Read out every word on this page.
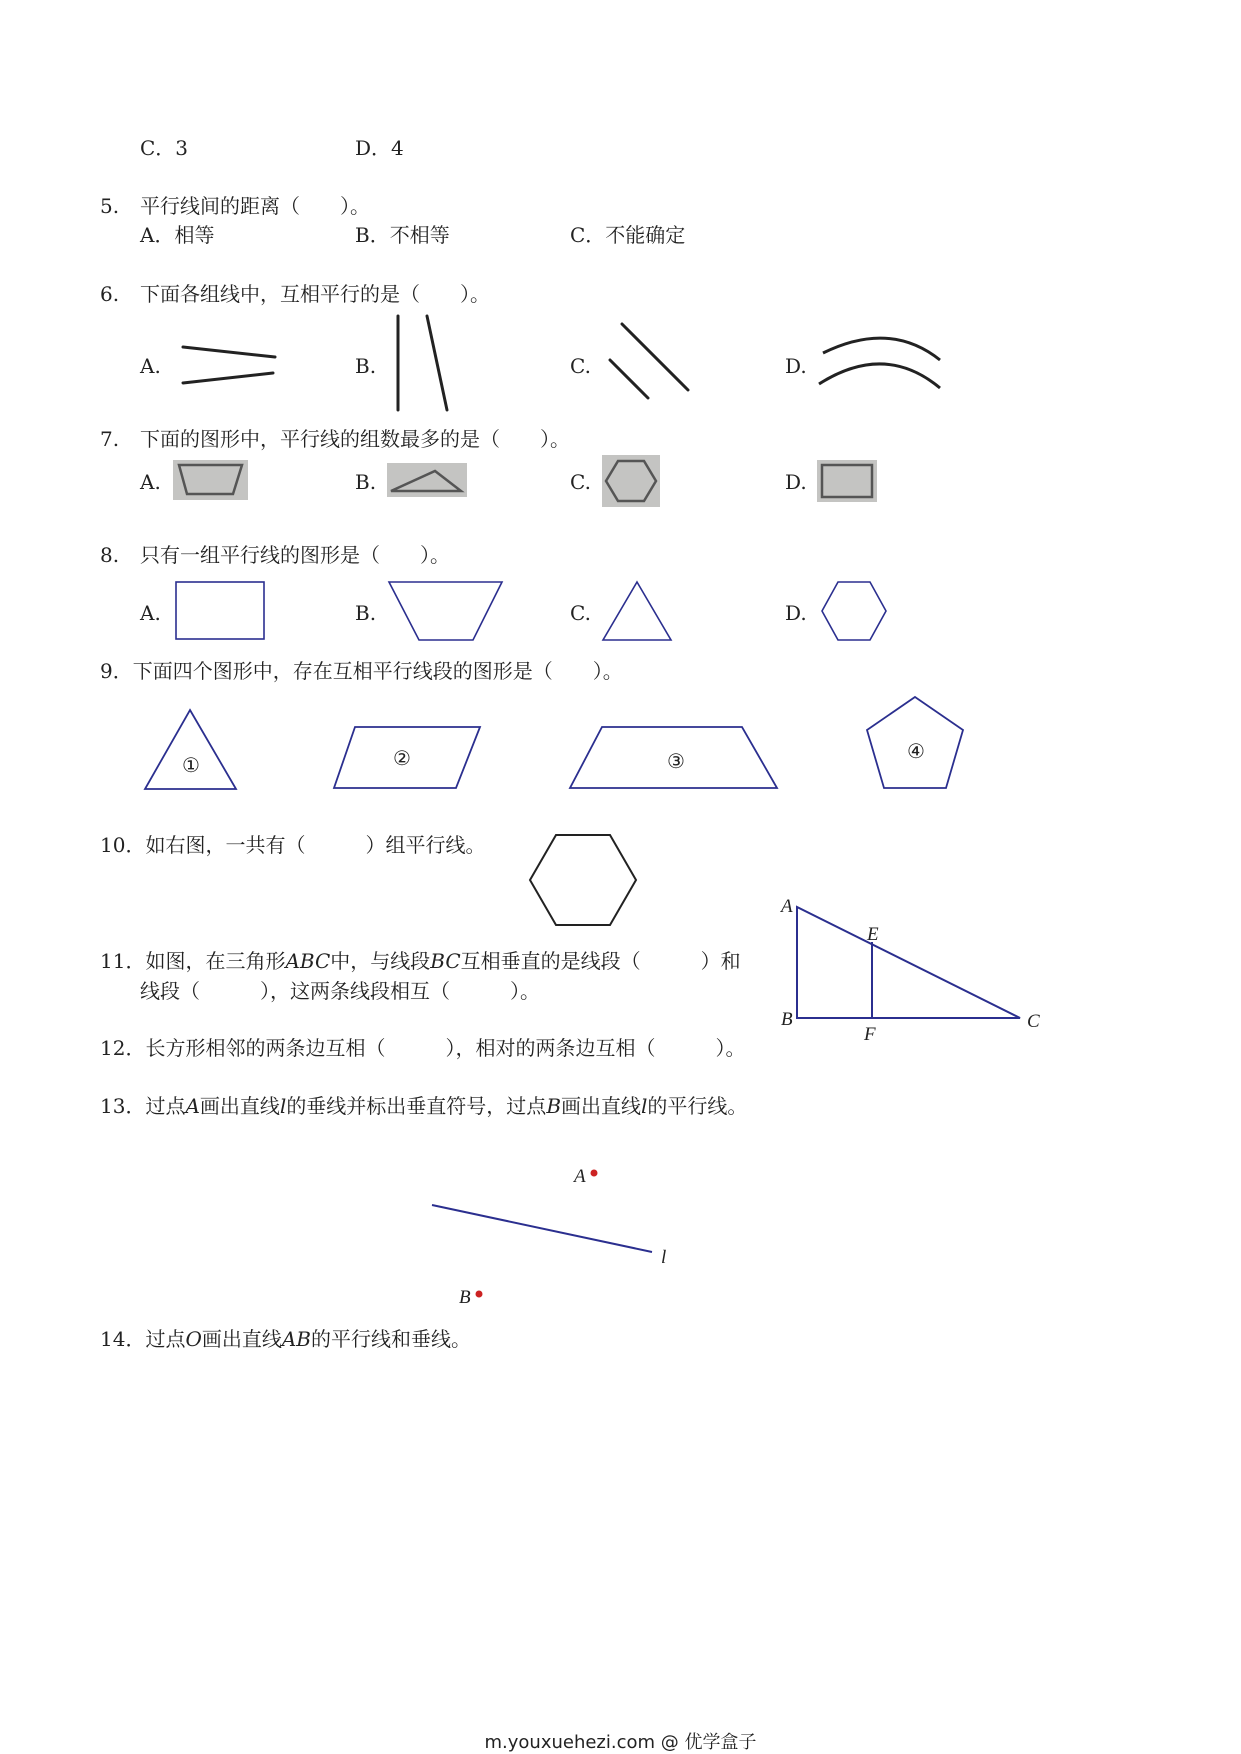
C．3	D．4
5. 平行线间的距离（　　）。
A．相等	B．不相等	C．不能确定
6. 下面各组线中，互相平行的是（　　）。
A.	B.	C.	D.
7. 下面的图形中，平行线的组数最多的是（　　）。
A.	B.	C.	D.
8. 只有一组平行线的图形是（　　）。
A.	B.	C.	D.
9．下面四个图形中，存在互相平行线段的图形是（　　）。
①	②	③	④
10．如右图，一共有（　　　）组平行线。
11．如图，在三角形ABC中，与线段BC互相垂直的是线段（　　　）和
线段（　　　），这两条线段相互（　　　）。
A
B	C
E
F
12．长方形相邻的两条边互相（　　　），相对的两条边互相（　　　）。
13．过点A画出直线l的垂线并标出垂直符号，过点B画出直线l的平行线。
A
B
l
14．过点O画出直线AB的平行线和垂线。
m.youxuehezi.com @ 优学盒子
